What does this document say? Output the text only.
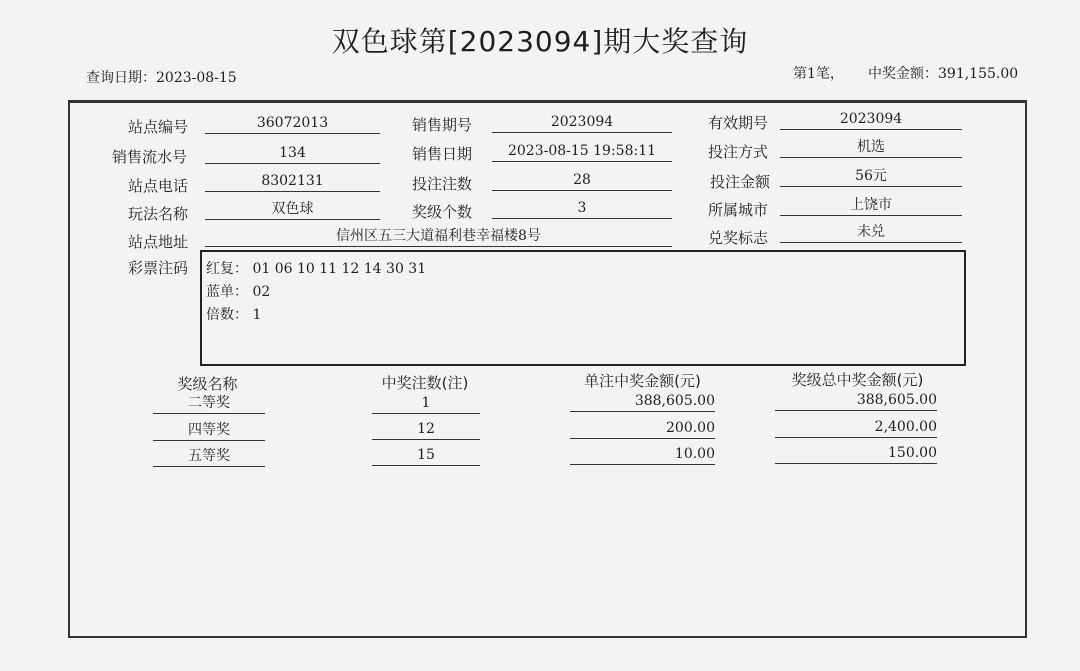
双色球第[2023094]期大奖查询
查询日期：2023-08-15	第1笔， 中奖金额：391,155.00
站点编号	36072013	销售期号	2023094	有效期号	2023094
销售流水号	134	销售日期	2023-08-15 19:58:11	投注方式	机选
站点电话	8302131	投注注数	28	投注金额	56元
玩法名称	双色球	奖级个数	3	所属城市	上饶市
站点地址	信州区五三大道福利巷幸福楼8号	兑奖标志	未兑
彩票注码 红复： 01 06 10 11 12 14 30 31
蓝单： 02
倍数： 1
奖级名称	中奖注数(注)	单注中奖金额(元)	奖级总中奖金额(元)
二等奖	1	388,605.00	388,605.00
四等奖	12	200.00	2,400.00
五等奖	15	10.00	150.00
